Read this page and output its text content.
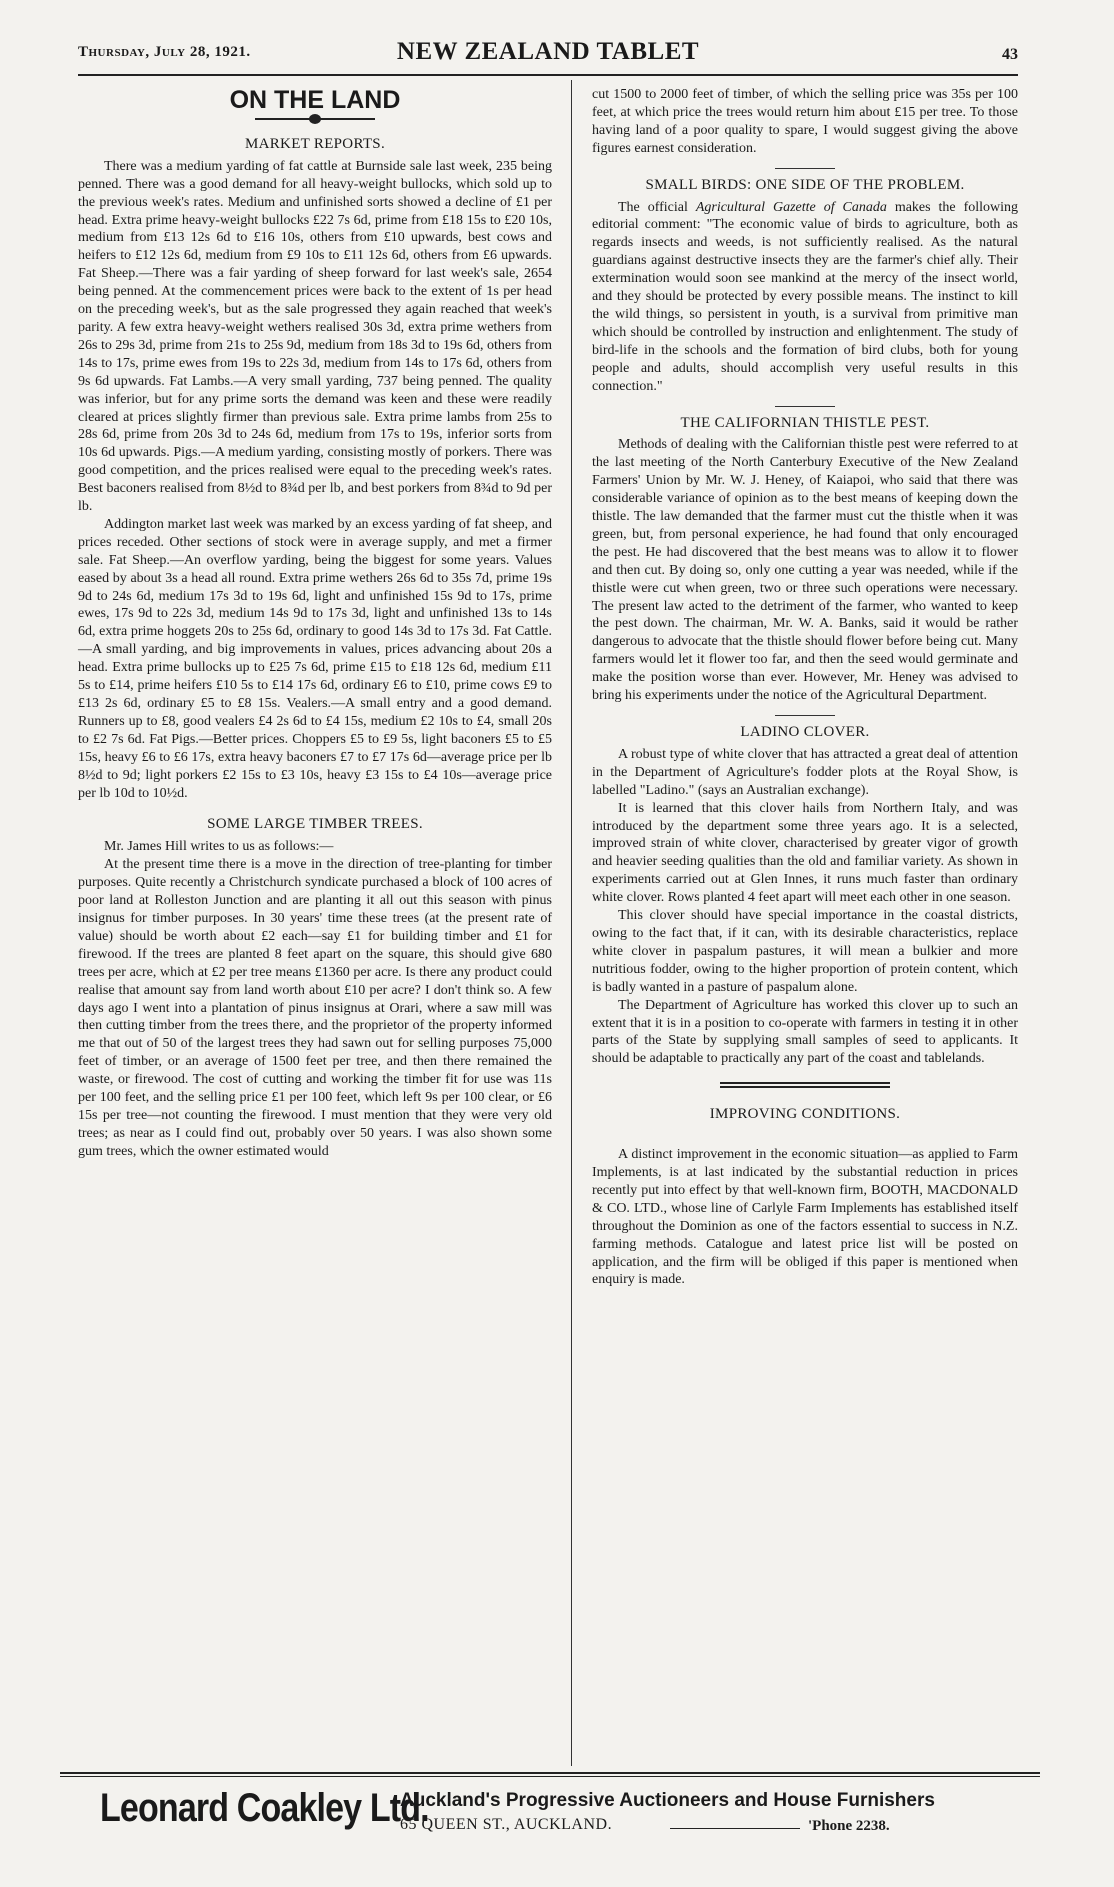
Thursday, July 28, 1921.	NEW ZEALAND TABLET	43
ON THE LAND
MARKET REPORTS.

There was a medium yarding of fat cattle at Burnside sale last week, 235 being penned. There was a good demand for all heavy-weight bullocks, which sold up to the previous week's rates. Medium and unfinished sorts showed a decline of £1 per head. Extra prime heavy-weight bullocks £22 7s 6d, prime from £18 15s to £20 10s, medium from £13 12s 6d to £16 10s, others from £10 upwards, best cows and heifers to £12 12s 6d, medium from £9 10s to £11 12s 6d, others from £6 upwards. Fat Sheep.—There was a fair yarding of sheep forward for last week's sale, 2654 being penned. At the commencement prices were back to the extent of 1s per head on the preceding week's, but as the sale progressed they again reached that week's parity. A few extra heavy-weight wethers realised 30s 3d, extra prime wethers from 26s to 29s 3d, prime from 21s to 25s 9d, medium from 18s 3d to 19s 6d, others from 14s to 17s, prime ewes from 19s to 22s 3d, medium from 14s to 17s 6d, others from 9s 6d upwards. Fat Lambs.—A very small yarding, 737 being penned. The quality was inferior, but for any prime sorts the demand was keen and these were readily cleared at prices slightly firmer than previous sale. Extra prime lambs from 25s to 28s 6d, prime from 20s 3d to 24s 6d, medium from 17s to 19s, inferior sorts from 10s 6d upwards. Pigs.—A medium yarding, consisting mostly of porkers. There was good competition, and the prices realised were equal to the preceding week's rates. Best baconers realised from 8½d to 8¾d per lb, and best porkers from 8¾d to 9d per lb.

Addington market last week was marked by an excess yarding of fat sheep, and prices receded. Other sections of stock were in average supply, and met a firmer sale. Fat Sheep.—An overflow yarding, being the biggest for some years. Values eased by about 3s a head all round. Extra prime wethers 26s 6d to 35s 7d, prime 19s 9d to 24s 6d, medium 17s 3d to 19s 6d, light and unfinished 15s 9d to 17s, prime ewes, 17s 9d to 22s 3d, medium 14s 9d to 17s 3d, light and unfinished 13s to 14s 6d, extra prime hoggets 20s to 25s 6d, ordinary to good 14s 3d to 17s 3d. Fat Cattle.—A small yarding, and big improvements in values, prices advancing about 20s a head. Extra prime bullocks up to £25 7s 6d, prime £15 to £18 12s 6d, medium £11 5s to £14, prime heifers £10 5s to £14 17s 6d, ordinary £6 to £10, prime cows £9 to £13 2s 6d, ordinary £5 to £8 15s. Vealers.—A small entry and a good demand. Runners up to £8, good vealers £4 2s 6d to £4 15s, medium £2 10s to £4, small 20s to £2 7s 6d. Fat Pigs.—Better prices. Choppers £5 to £9 5s, light baconers £5 to £5 15s, heavy £6 to £6 17s, extra heavy baconers £7 to £7 17s 6d—average price per lb 8½d to 9d; light porkers £2 15s to £3 10s, heavy £3 15s to £4 10s—average price per lb 10d to 10½d.

SOME LARGE TIMBER TREES.

Mr. James Hill writes to us as follows:—

At the present time there is a move in the direction of tree-planting for timber purposes. Quite recently a Christchurch syndicate purchased a block of 100 acres of poor land at Rolleston Junction and are planting it all out this season with pinus insignus for timber purposes. In 30 years' time these trees (at the present rate of value) should be worth about £2 each—say £1 for building timber and £1 for firewood. If the trees are planted 8 feet apart on the square, this should give 680 trees per acre, which at £2 per tree means £1360 per acre. Is there any product could realise that amount say from land worth about £10 per acre? I don't think so. A few days ago I went into a plantation of pinus insignus at Orari, where a saw mill was then cutting timber from the trees there, and the proprietor of the property informed me that out of 50 of the largest trees they had sawn out for selling purposes 75,000 feet of timber, or an average of 1500 feet per tree, and then there remained the waste, or firewood. The cost of cutting and working the timber fit for use was 11s per 100 feet, and the selling price £1 per 100 feet, which left 9s per 100 clear, or £6 15s per tree—not counting the firewood. I must mention that they were very old trees; as near as I could find out, probably over 50 years. I was also shown some gum trees, which the owner estimated would

cut 1500 to 2000 feet of timber, of which the selling price was 35s per 100 feet, at which price the trees would return him about £15 per tree. To those having land of a poor quality to spare, I would suggest giving the above figures earnest consideration.

SMALL BIRDS: ONE SIDE OF THE PROBLEM.

The official Agricultural Gazette of Canada makes the following editorial comment: "The economic value of birds to agriculture, both as regards insects and weeds, is not sufficiently realised. As the natural guardians against destructive insects they are the farmer's chief ally. Their extermination would soon see mankind at the mercy of the insect world, and they should be protected by every possible means. The instinct to kill the wild things, so persistent in youth, is a survival from primitive man which should be controlled by instruction and enlightenment. The study of bird-life in the schools and the formation of bird clubs, both for young people and adults, should accomplish very useful results in this connection."

THE CALIFORNIAN THISTLE PEST.

Methods of dealing with the Californian thistle pest were referred to at the last meeting of the North Canterbury Executive of the New Zealand Farmers' Union by Mr. W. J. Heney, of Kaiapoi, who said that there was considerable variance of opinion as to the best means of keeping down the thistle. The law demanded that the farmer must cut the thistle when it was green, but, from personal experience, he had found that only encouraged the pest. He had discovered that the best means was to allow it to flower and then cut. By doing so, only one cutting a year was needed, while if the thistle were cut when green, two or three such operations were necessary. The present law acted to the detriment of the farmer, who wanted to keep the pest down. The chairman, Mr. W. A. Banks, said it would be rather dangerous to advocate that the thistle should flower before being cut. Many farmers would let it flower too far, and then the seed would germinate and make the position worse than ever. However, Mr. Heney was advised to bring his experiments under the notice of the Agricultural Department.

LADINO CLOVER.

A robust type of white clover that has attracted a great deal of attention in the Department of Agriculture's fodder plots at the Royal Show, is labelled "Ladino." (says an Australian exchange).

It is learned that this clover hails from Northern Italy, and was introduced by the department some three years ago. It is a selected, improved strain of white clover, characterised by greater vigor of growth and heavier seeding qualities than the old and familiar variety. As shown in experiments carried out at Glen Innes, it runs much faster than ordinary white clover. Rows planted 4 feet apart will meet each other in one season.

This clover should have special importance in the coastal districts, owing to the fact that, if it can, with its desirable characteristics, replace white clover in paspalum pastures, it will mean a bulkier and more nutritious fodder, owing to the higher proportion of protein content, which is badly wanted in a pasture of paspalum alone.

The Department of Agriculture has worked this clover up to such an extent that it is in a position to co-operate with farmers in testing it in other parts of the State by supplying small samples of seed to applicants. It should be adaptable to practically any part of the coast and tablelands.

IMPROVING CONDITIONS.

A distinct improvement in the economic situation—as applied to Farm Implements, is at last indicated by the substantial reduction in prices recently put into effect by that well-known firm, BOOTH, MACDONALD & CO. LTD., whose line of Carlyle Farm Implements has established itself throughout the Dominion as one of the factors essential to success in N.Z. farming methods. Catalogue and latest price list will be posted on application, and the firm will be obliged if this paper is mentioned when enquiry is made.

Leonard Coakley Ltd.
Auckland's Progressive Auctioneers and House Furnishers
65 QUEEN ST., AUCKLAND.	'Phone 2238.
